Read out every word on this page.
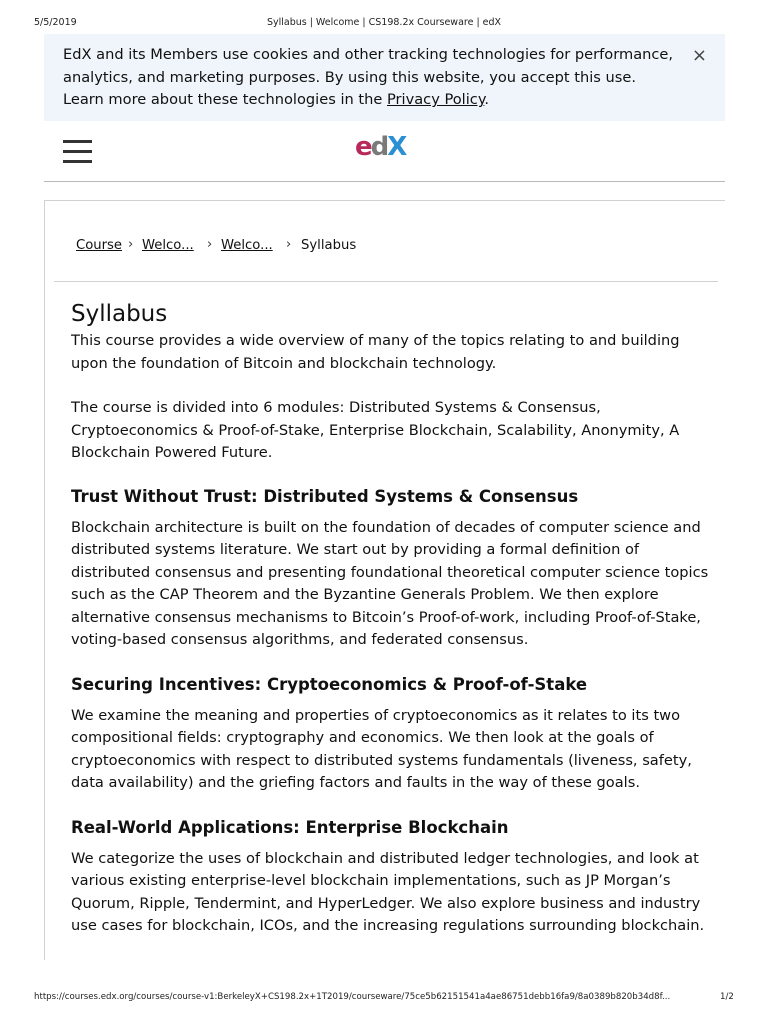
5/5/2019	Syllabus | Welcome | CS198.2x Courseware | edX
EdX and its Members use cookies and other tracking technologies for performance, analytics, and marketing purposes. By using this website, you accept this use. Learn more about these technologies in the Privacy Policy.
×
edX
Course › Welco... › Welco... › Syllabus
Syllabus

This course provides a wide overview of many of the topics relating to and building upon the foundation of Bitcoin and blockchain technology.

The course is divided into 6 modules: Distributed Systems & Consensus, Cryptoeconomics & Proof-of-Stake, Enterprise Blockchain, Scalability, Anonymity, A Blockchain Powered Future.

Trust Without Trust: Distributed Systems & Consensus

Blockchain architecture is built on the foundation of decades of computer science and distributed systems literature. We start out by providing a formal definition of distributed consensus and presenting foundational theoretical computer science topics such as the CAP Theorem and the Byzantine Generals Problem. We then explore alternative consensus mechanisms to Bitcoin’s Proof-of-work, including Proof-of-Stake, voting-based consensus algorithms, and federated consensus.

Securing Incentives: Cryptoeconomics & Proof-of-Stake

We examine the meaning and properties of cryptoeconomics as it relates to its two compositional fields: cryptography and economics. We then look at the goals of cryptoeconomics with respect to distributed systems fundamentals (liveness, safety, data availability) and the griefing factors and faults in the way of these goals.

Real-World Applications: Enterprise Blockchain

We categorize the uses of blockchain and distributed ledger technologies, and look at various existing enterprise-level blockchain implementations, such as JP Morgan’s Quorum, Ripple, Tendermint, and HyperLedger. We also explore business and industry use cases for blockchain, ICOs, and the increasing regulations surrounding blockchain.

https://courses.edx.org/courses/course-v1:BerkeleyX+CS198.2x+1T2019/courseware/75ce5b62151541a4ae86751debb16fa9/8a0389b820b34d8f...	1/2
